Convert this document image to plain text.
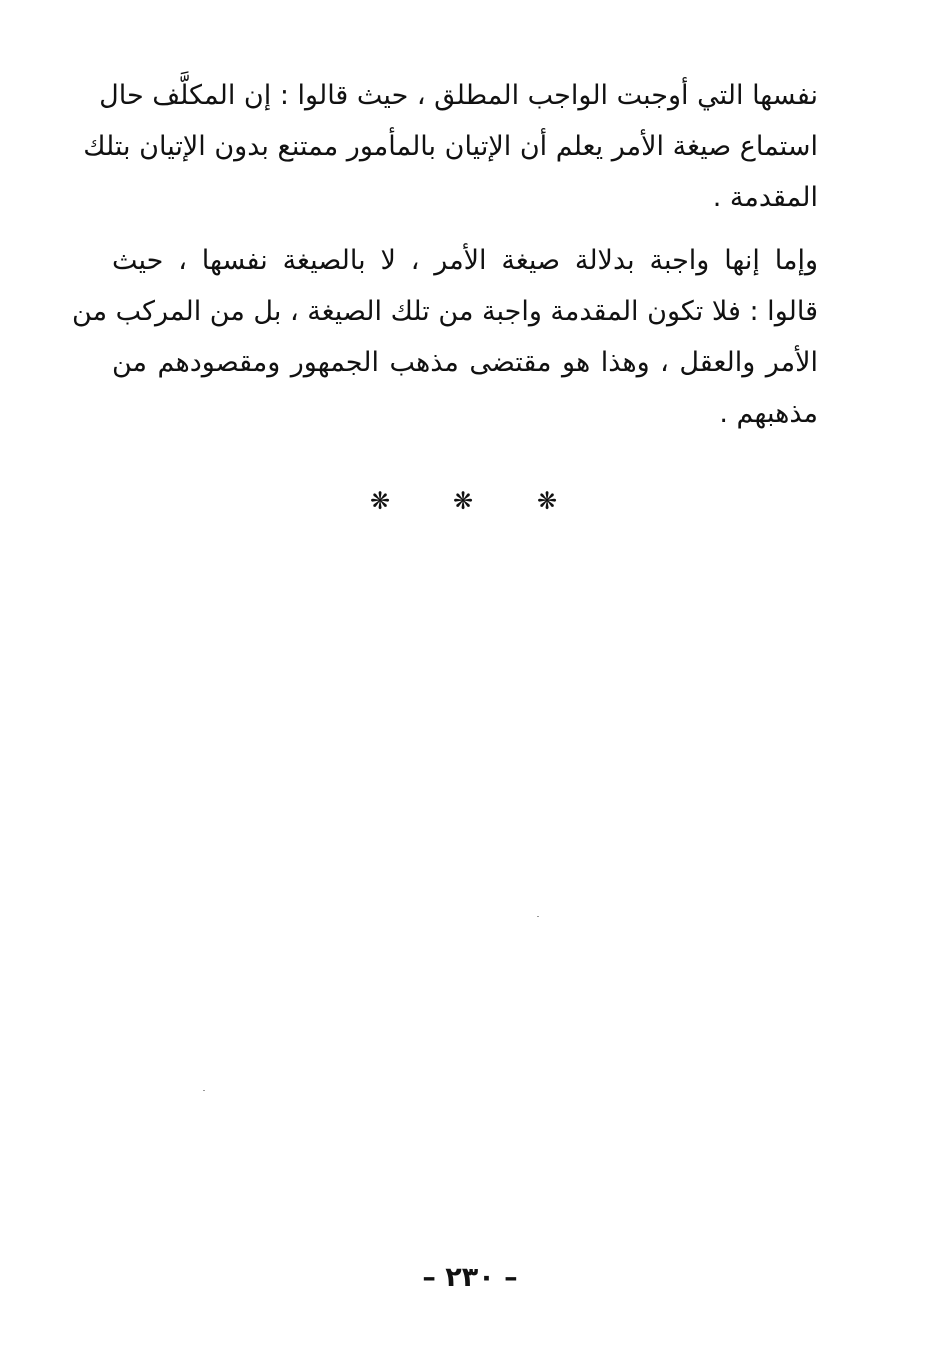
نفسها التي أوجبت الواجب المطلق ، حيث قالوا : إن المكلَّف حال
استماع صيغة الأمر يعلم أن الإتيان بالمأمور ممتنع بدون الإتيان بتلك
المقدمة .
وإما إنها واجبة بدلالة صيغة الأمر ، لا بالصيغة نفسها ، حيث
قالوا : فلا تكون المقدمة واجبة من تلك الصيغة ، بل من المركب من
الأمر والعقل ، وهذا هو مقتضى مذهب الجمهور ومقصودهم من
مذهبهم .
❋	❋	❋
– ٢٣٠ –
